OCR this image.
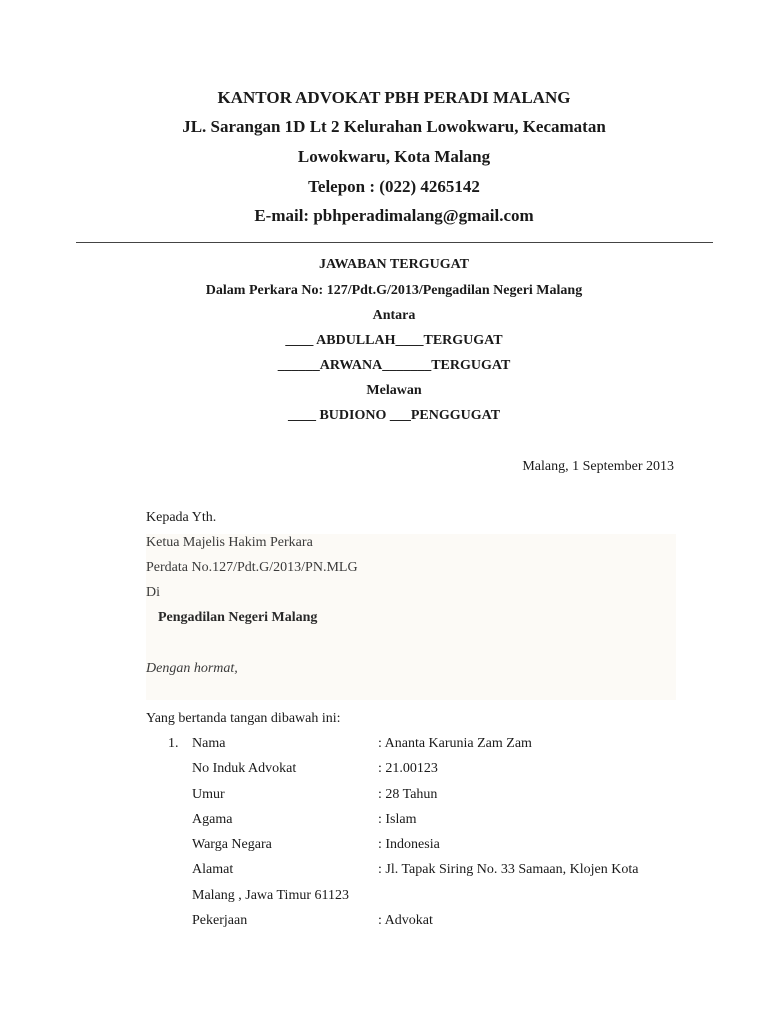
KANTOR ADVOKAT PBH PERADI MALANG
JL. Sarangan 1D Lt 2 Kelurahan Lowokwaru, Kecamatan
Lowokwaru, Kota Malang
Telepon : (022) 4265142
E-mail: pbhperadimalang@gmail.com
JAWABAN TERGUGAT
Dalam Perkara No: 127/Pdt.G/2013/Pengadilan Negeri Malang
Antara
____ ABDULLAH____TERGUGAT
______ARWANA_______TERGUGAT
Melawan
____ BUDIONO ___PENGGUGAT
Malang, 1 September 2013
Kepada Yth.
Ketua Majelis Hakim Perkara
Perdata No.127/Pdt.G/2013/PN.MLG
Di
Pengadilan Negeri Malang
Dengan hormat,
Yang bertanda tangan dibawah ini:
1. Nama	: Ananta Karunia Zam Zam
No Induk Advokat	: 21.00123
Umur	: 28 Tahun
Agama	: Islam
Warga Negara	: Indonesia
Alamat	: Jl. Tapak Siring No. 33 Samaan, Klojen Kota
Malang , Jawa Timur 61123
Pekerjaan	: Advokat
